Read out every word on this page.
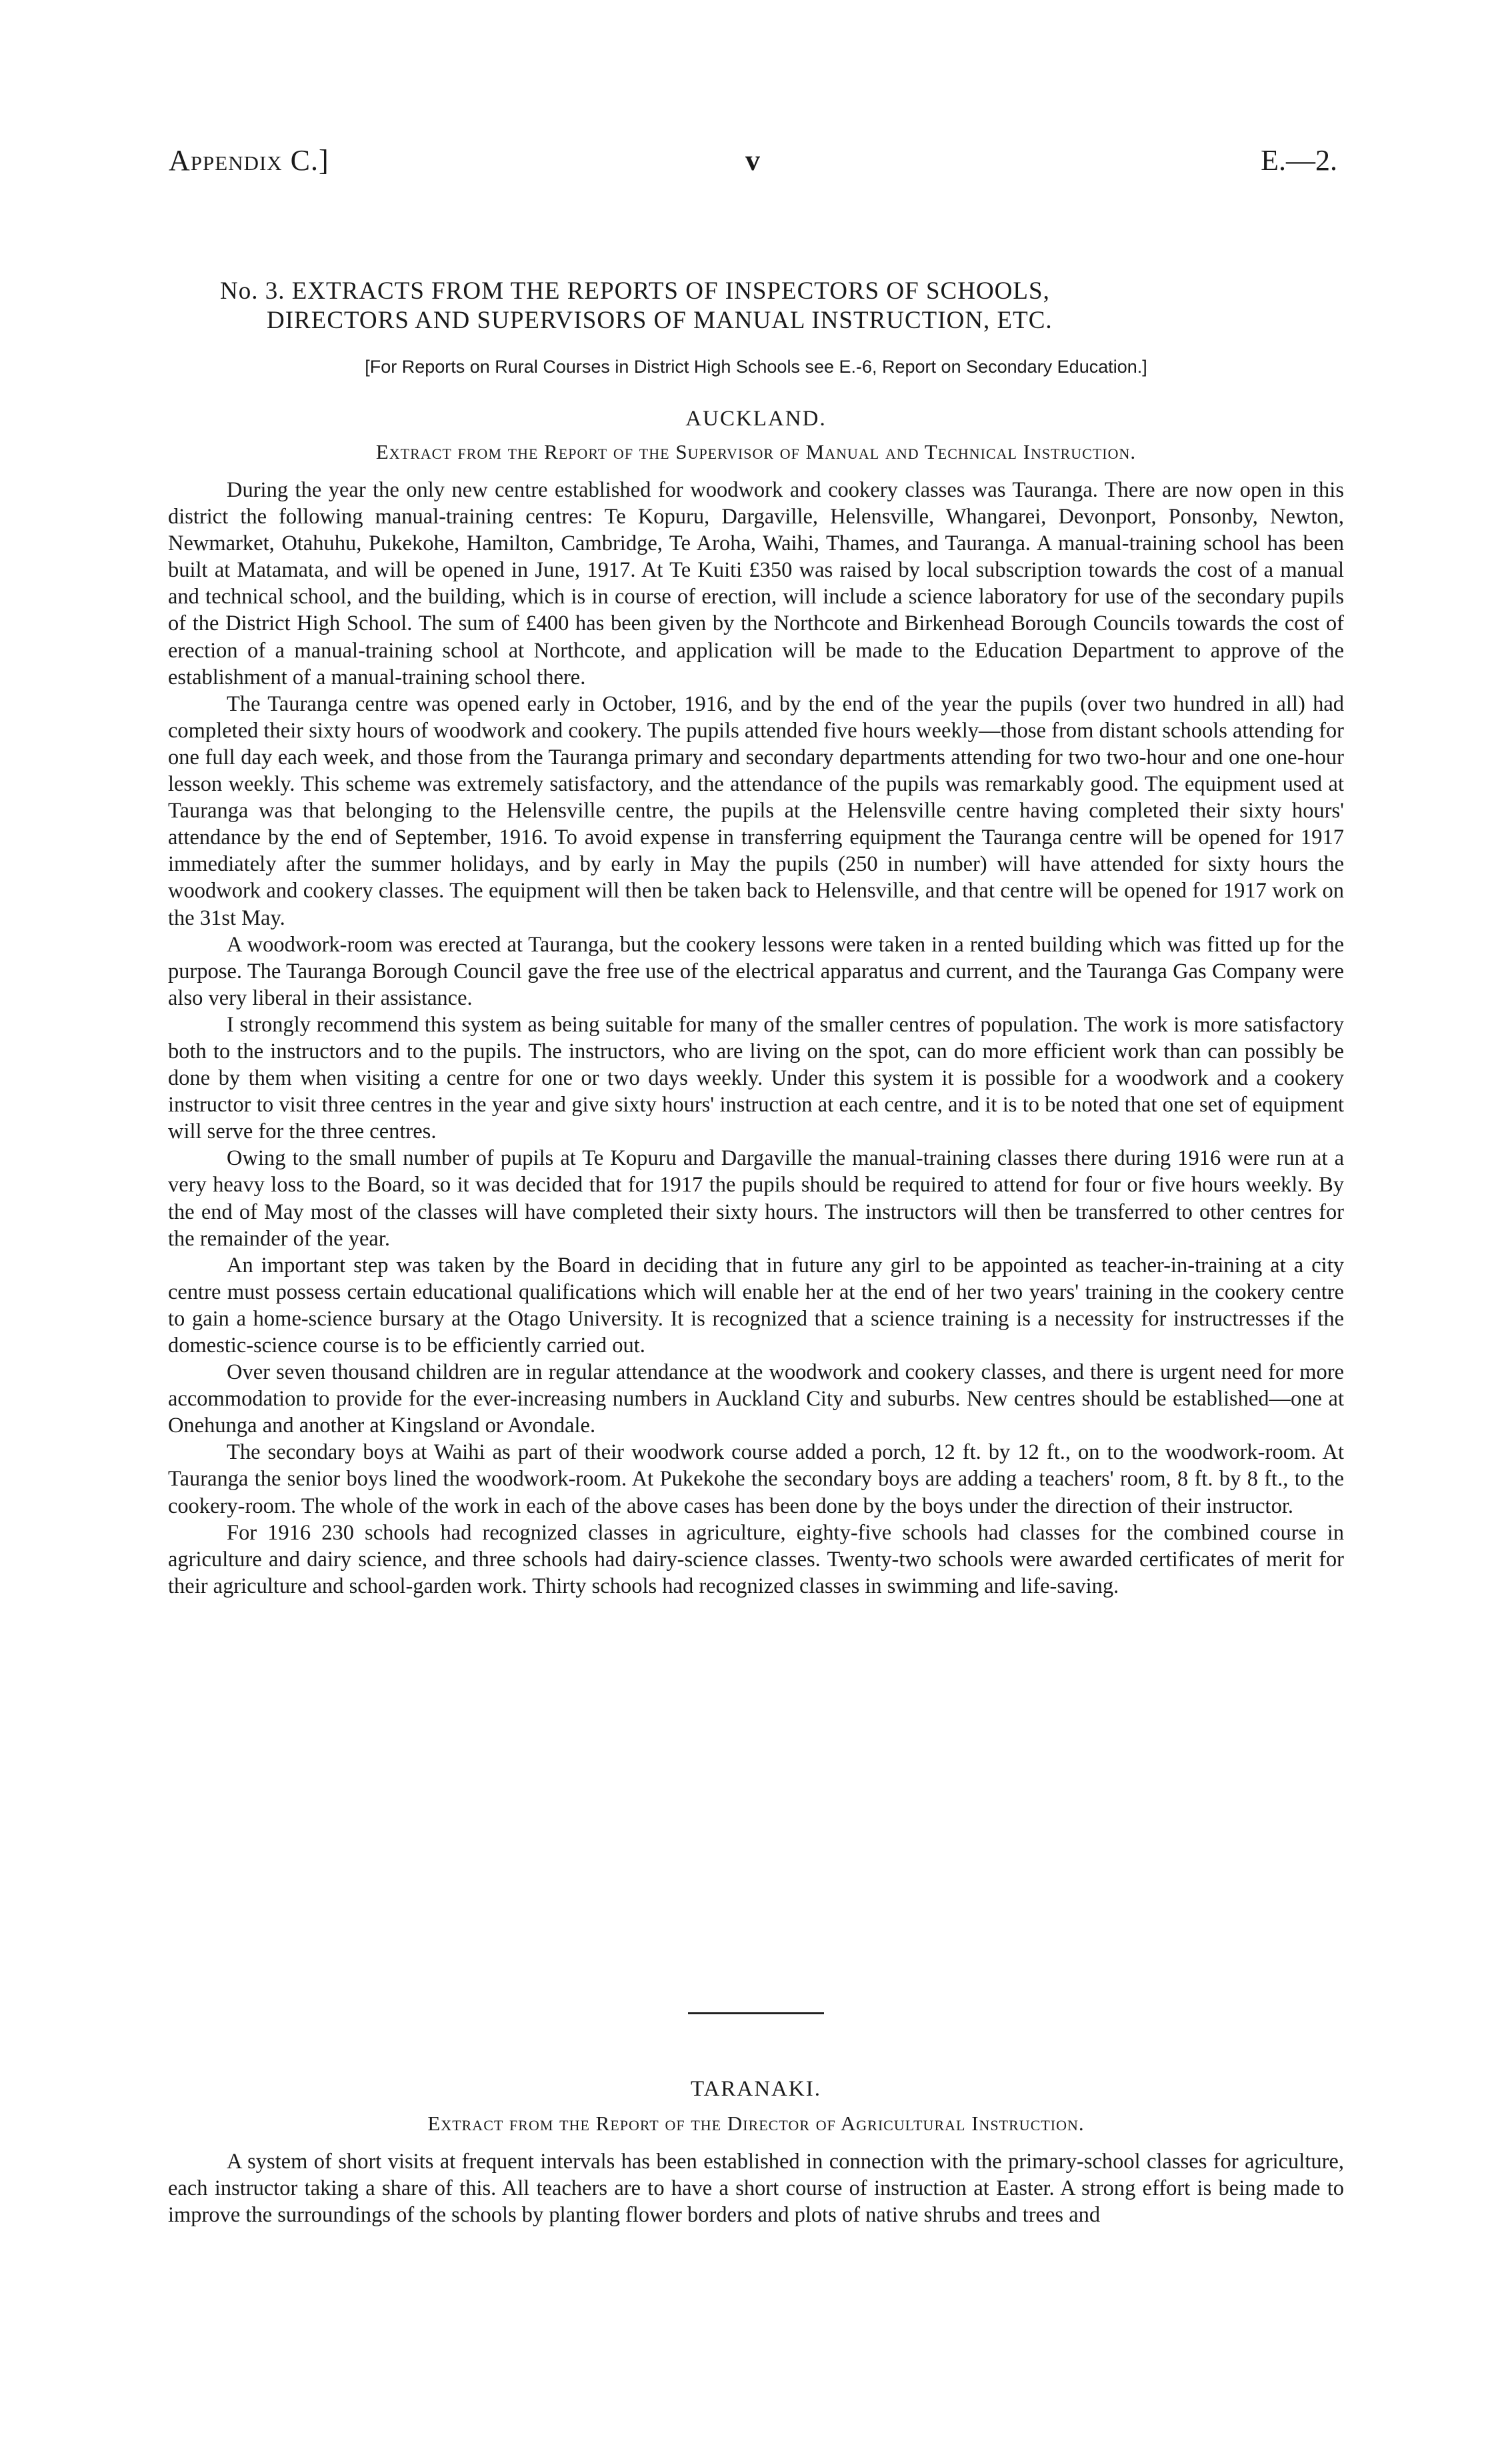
Appendix C.]	v	E.—2.
No. 3. EXTRACTS FROM THE REPORTS OF INSPECTORS OF SCHOOLS,
DIRECTORS AND SUPERVISORS OF MANUAL INSTRUCTION, ETC.
[For Reports on Rural Courses in District High Schools see E.-6, Report on Secondary Education.]
AUCKLAND.
Extract from the Report of the Supervisor of Manual and Technical Instruction.

During the year the only new centre established for woodwork and cookery classes was Tauranga. There are now open in this district the following manual-training centres: Te Kopuru, Dargaville, Helensville, Whangarei, Devonport, Ponsonby, Newton, Newmarket, Otahuhu, Pukekohe, Hamilton, Cambridge, Te Aroha, Waihi, Thames, and Tauranga. A manual-training school has been built at Matamata, and will be opened in June, 1917. At Te Kuiti £350 was raised by local subscription towards the cost of a manual and technical school, and the building, which is in course of erection, will include a science laboratory for use of the secondary pupils of the District High School. The sum of £400 has been given by the Northcote and Birkenhead Borough Councils towards the cost of erection of a manual-training school at Northcote, and application will be made to the Education Department to approve of the establishment of a manual-training school there.

The Tauranga centre was opened early in October, 1916, and by the end of the year the pupils (over two hundred in all) had completed their sixty hours of woodwork and cookery. The pupils attended five hours weekly—those from distant schools attending for one full day each week, and those from the Tauranga primary and secondary departments attending for two two-hour and one one-hour lesson weekly. This scheme was extremely satisfactory, and the attendance of the pupils was remarkably good. The equipment used at Tauranga was that belonging to the Helensville centre, the pupils at the Helensville centre having completed their sixty hours' attendance by the end of September, 1916. To avoid expense in transferring equipment the Tauranga centre will be opened for 1917 immediately after the summer holidays, and by early in May the pupils (250 in number) will have attended for sixty hours the woodwork and cookery classes. The equipment will then be taken back to Helensville, and that centre will be opened for 1917 work on the 31st May.

A woodwork-room was erected at Tauranga, but the cookery lessons were taken in a rented building which was fitted up for the purpose. The Tauranga Borough Council gave the free use of the electrical apparatus and current, and the Tauranga Gas Company were also very liberal in their assistance.

I strongly recommend this system as being suitable for many of the smaller centres of population. The work is more satisfactory both to the instructors and to the pupils. The instructors, who are living on the spot, can do more efficient work than can possibly be done by them when visiting a centre for one or two days weekly. Under this system it is possible for a woodwork and a cookery instructor to visit three centres in the year and give sixty hours' instruction at each centre, and it is to be noted that one set of equipment will serve for the three centres.

Owing to the small number of pupils at Te Kopuru and Dargaville the manual-training classes there during 1916 were run at a very heavy loss to the Board, so it was decided that for 1917 the pupils should be required to attend for four or five hours weekly. By the end of May most of the classes will have completed their sixty hours. The instructors will then be transferred to other centres for the remainder of the year.

An important step was taken by the Board in deciding that in future any girl to be appointed as teacher-in-training at a city centre must possess certain educational qualifications which will enable her at the end of her two years' training in the cookery centre to gain a home-science bursary at the Otago University. It is recognized that a science training is a necessity for instructresses if the domestic-science course is to be efficiently carried out.

Over seven thousand children are in regular attendance at the woodwork and cookery classes, and there is urgent need for more accommodation to provide for the ever-increasing numbers in Auckland City and suburbs. New centres should be established—one at Onehunga and another at Kingsland or Avondale.

The secondary boys at Waihi as part of their woodwork course added a porch, 12 ft. by 12 ft., on to the woodwork-room. At Tauranga the senior boys lined the woodwork-room. At Pukekohe the secondary boys are adding a teachers' room, 8 ft. by 8 ft., to the cookery-room. The whole of the work in each of the above cases has been done by the boys under the direction of their instructor.

For 1916 230 schools had recognized classes in agriculture, eighty-five schools had classes for the combined course in agriculture and dairy science, and three schools had dairy-science classes. Twenty-two schools were awarded certificates of merit for their agriculture and school-garden work. Thirty schools had recognized classes in swimming and life-saving.

TARANAKI.
Extract from the Report of the Director of Agricultural Instruction.

A system of short visits at frequent intervals has been established in connection with the primary-school classes for agriculture, each instructor taking a share of this. All teachers are to have a short course of instruction at Easter. A strong effort is being made to improve the surroundings of the schools by planting flower borders and plots of native shrubs and trees and
